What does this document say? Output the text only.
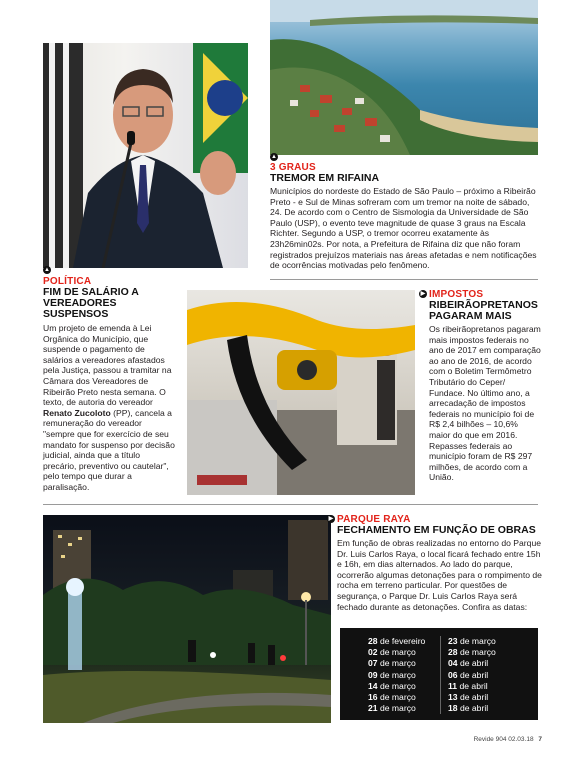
▲
▲
3 GRAUS
TREMOR EM RIFAINA
Municípios do nordeste do Estado de São Paulo – próximo a Ribeirão Preto - e Sul de Minas sofreram com um tremor na noite de sábado, 24. De acordo com o Centro de Sismologia da Universidade de São Paulo (USP), o evento teve magnitude de quase 3 graus na Escala Richter. Segundo a USP, o tremor ocorreu exatamente às 23h26min02s. Por nota, a Prefeitura de Rifaina diz que não foram registrados prejuízos materiais nas áreas afetadas e nem notificações de ocorrências motivadas pelo fenômeno.
POLÍTICA
FIM DE SALÁRIO A
VEREADORES SUSPENSOS
Um projeto de emenda à Lei Orgânica do Município, que suspende o pagamento de salários a vereadores afastados pela Justiça, passou a tramitar na Câmara dos Vereadores de Ribeirão Preto nesta semana. O texto, de autoria do vereador Renato Zucoloto (PP), cancela a remuneração do vereador "sempre que for exercício de seu mandato for suspenso por decisão judicial, ainda que a título precário, preventivo ou cautelar", pelo tempo que durar a paralisação.
▶ IMPOSTOS
RIBEIRÃOPRETANOS
PAGARAM MAIS
Os ribeirãopretanos pagaram mais impostos federais no ano de 2017 em comparação ao ano de 2016, de acordo com o Boletim Termômetro Tributário do Ceper/ Fundace. No último ano, a arrecadação de impostos federais no município foi de R$ 2,4 bilhões – 10,6% maior do que em 2016. Repasses federais ao município foram de R$ 297 milhões, de acordo com a União.
▶ PARQUE RAYA
FECHAMENTO EM FUNÇÃO DE OBRAS
Em função de obras realizadas no entorno do Parque Dr. Luis Carlos Raya, o local ficará fechado entre 15h e 16h, em dias alternados. Ao lado do parque, ocorrerão algumas detonações para o rompimento de rocha em terreno particular. Por questões de segurança, o Parque Dr. Luis Carlos Raya será fechado durante as detonações. Confira as datas:
28 de fevereiro
02 de março
07 de março
09 de março
14 de março
16 de março
21 de março
23 de março
28 de março
04 de abril
06 de abril
11 de abril
13 de abril
18 de abril
Revide 904 02.03.18 7
